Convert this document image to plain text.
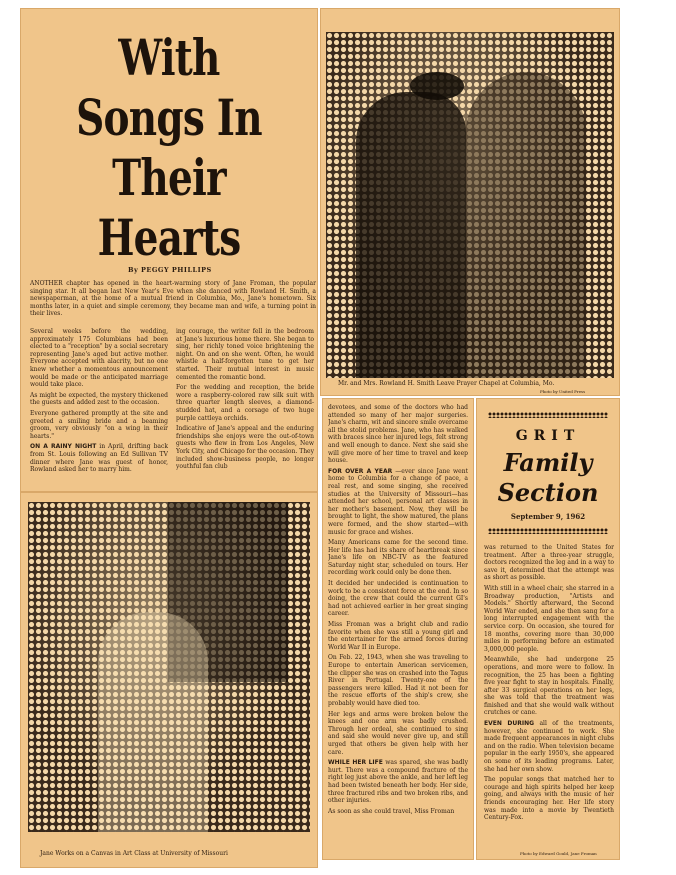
With Songs In Their Hearts
By PEGGY PHILLIPS
ANOTHER chapter has opened in the heart-warming story of Jane Froman, the popular singing star. It all began last New Year's Eve when she danced with Rowland H. Smith, a newspaperman, at the home of a mutual friend in Columbia, Mo., Jane's hometown. Six months later, in a quiet and simple ceremony, they became man and wife, a turning point in their lives.
Several weeks before the wedding, approximately 175 Columbians had been elected to a "reception" by a social secretary representing Jane's aged but active mother. Everyone accepted with alacrity, but no one knew whether a momentous announcement would be made or the anticipated marriage would take place.
As might be expected, the mystery thickened the guests and added zest to the occasion.
Everyone gathered promptly at the site and greeted a smiling bride and a beaming groom, very obviously "on a wing in their hearts."
ON A RAINY NIGHT in April, drifting back from St. Louis following an Ed Sullivan TV dinner where Jane was guest of honor, Rowland asked her to marry him.
ing courage, the writer fell in the bedroom at Jane's luxurious home there. She began to sing, her richly toned voice brightening the night. On and on she went. Often, he would whistle a half-forgotten tune to get her started. Their mutual interest in music cemented the romantic bond.
For the wedding and reception, the bride wore a raspberry-colored raw silk suit with three quarter length sleeves, a diamond-studded hat, and a corsage of two huge purple cattleya orchids.
Indicative of Jane's appeal and the enduring friendships she enjoys were the out-of-town guests who flew in from Los Angeles, New York City, and Chicago for the occasion. They included show-business people, no longer youthful fan club
Mr. and Mrs. Rowland H. Smith Leave Prayer Chapel at Columbia, Mo.
Photo by United Press
Jane Works on a Canvas in Art Class at University of Missouri
devotees, and some of the doctors who had attended so many of her major surgeries. Jane's charm, wit and sincere smile overcame all the stolid problems. Jane, who has walked with braces since her injured legs, felt strong and well enough to dance. Next she said she will give more of her time to travel and keep house.
FOR OVER A YEAR —ever since Jane went home to Columbia for a change of pace, a real rest, and some singing, she received studies at the University of Missouri—has attended her school, personal art classes in her mother's basement. Now, they will be brought to light, the show matured, the plans were formed, and the show started—with music for grace and wishes.
Many Americans came for the second time. Her life has had its share of heartbreak since Jane's life on NBC-TV as the featured Saturday night star, scheduled on tours. Her recording work could only be done then.
It decided her undecided is continuation to work to be a consistent force at the end. In so doing, the crew that could the current GI's had not achieved earlier in her great singing career.
Miss Froman was a bright club and radio favorite when she was still a young girl and the entertainer for the armed forces during World War II in Europe.
On Feb. 22, 1943, when she was traveling to Europe to entertain American servicemen, the clipper she was on crashed into the Tagus River in Portugal. Twenty-one of the passengers were killed. Had it not been for the rescue efforts of the ship's crew, she probably would have died too.
Her legs and arms were broken below the knees and one arm was badly crushed. Through her ordeal, she continued to sing and said she would never give up, and still urged that others be given help with her care.
WHILE HER LIFE was spared, she was badly hurt. There was a compound fracture of the right leg just above the ankle, and her left leg had been twisted beneath her body. Her side, three fractured ribs and two broken ribs, and other injuries.
As soon as she could travel, Miss Froman
GRIT
Family
Section
September 9, 1962
was returned to the United States for treatment. After a three-year struggle, doctors recognized the leg and in a way to save it, determined that the attempt was as short as possible.
With still in a wheel chair, she starred in a Broadway production, "Artists and Models." Shortly afterward, the Second World War ended, and she then sang for a long interrupted engagement with the service corp. On occasion, she toured for 18 months, covering more than 30,000 miles in performing before an estimated 3,000,000 people.
Meanwhile, she had undergone 25 operations, and more were to follow. In recognition, the 25 has been a fighting five year fight to stay in hospitals. Finally, after 33 surgical operations on her legs, she was told that the treatment was finished and that she would walk without crutches or cane.
EVEN DURING all of the treatments, however, she continued to work. She made frequent appearances in night clubs and on the radio. When television became popular in the early 1950's, she appeared on some of its leading programs. Later, she had her own show.
The popular songs that matched her to courage and high spirits helped her keep going, and always with the music of her friends encouraging her. Her life story was made into a movie by Twentieth Century-Fox.
Photo by Edward Gould, Jane Froman
